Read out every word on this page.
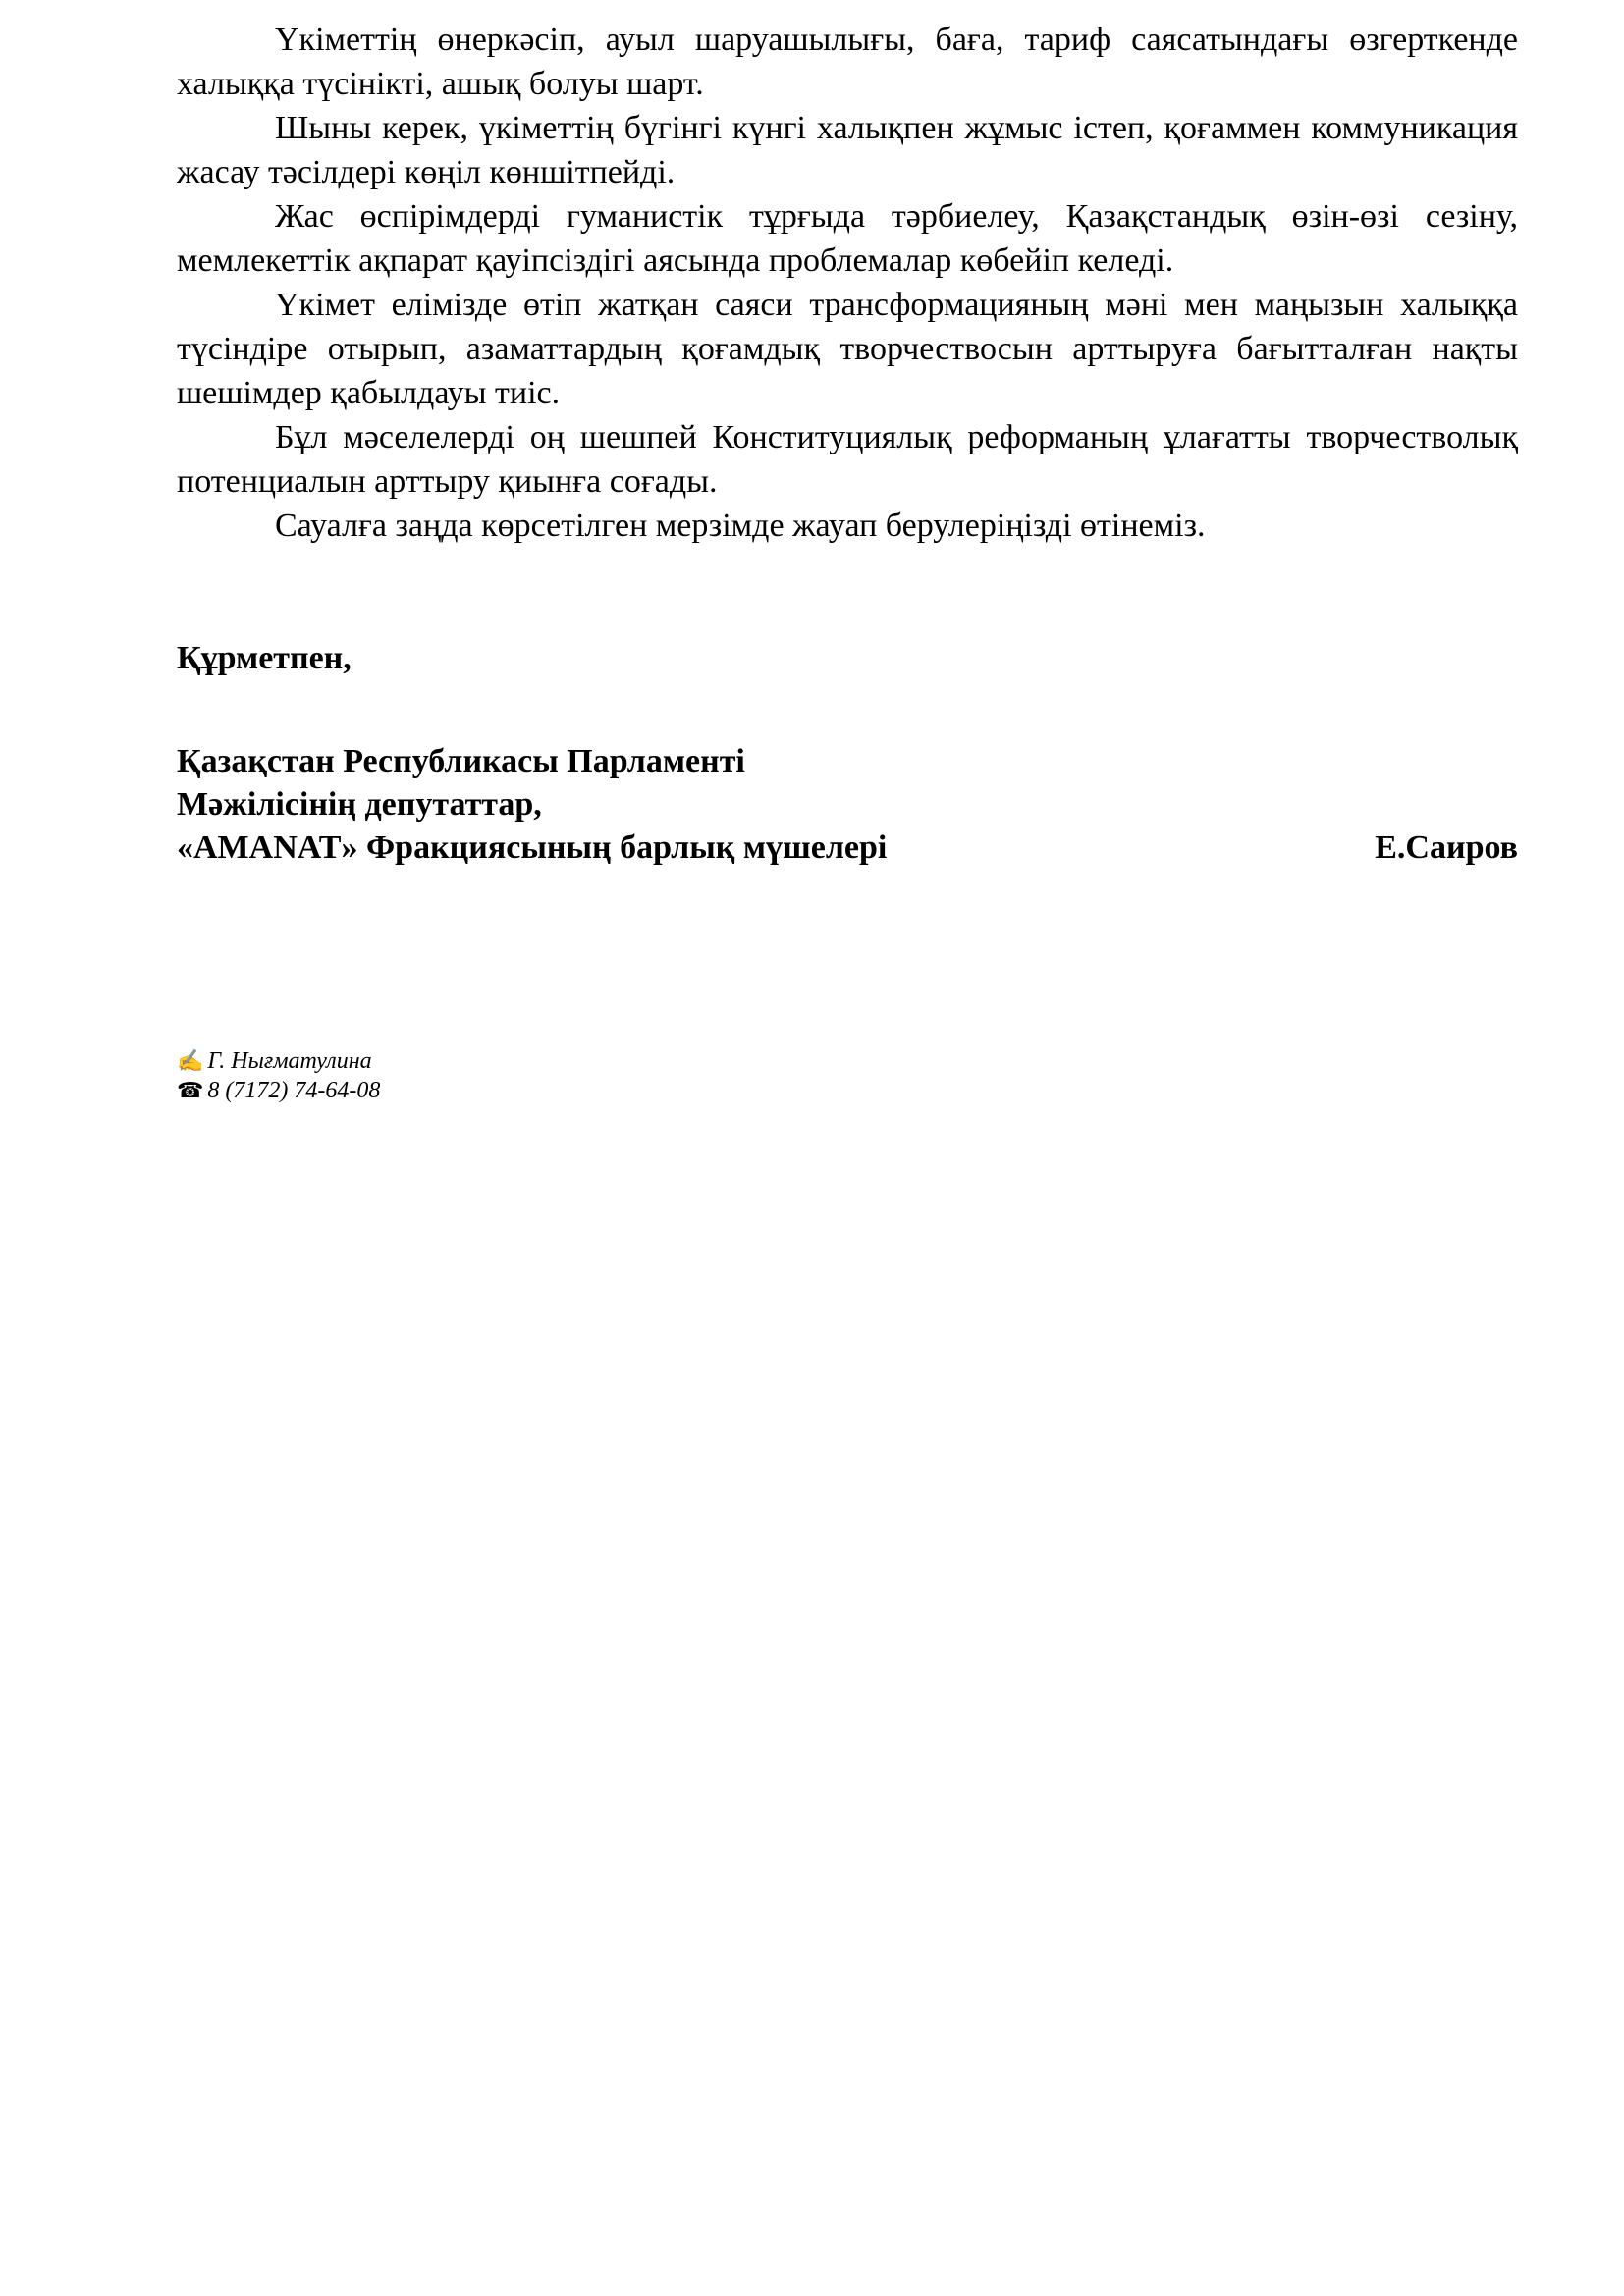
Үкіметтің өнеркәсіп, ауыл шаруашылығы, баға, тариф саясатындағы өзгерткенде халыққа түсінікті, ашық болуы шарт.

Шыны керек, үкіметтің бүгінгі күнгі халықпен жұмыс істеп, қоғаммен коммуникация жасау тәсілдері көңіл көншітпейді.

Жас өспірімдерді гуманистік тұрғыда тәрбиелеу, Қазақстандық өзін-өзі сезіну, мемлекеттік ақпарат қауіпсіздігі аясында проблемалар көбейіп келеді.

Үкімет елімізде өтіп жатқан саяси трансформацияның мәні мен маңызын халыққа түсіндіре отырып, азаматтардың қоғамдық творчествосын арттыруға бағытталған нақты шешімдер қабылдауы тиіс.

Бұл мәселелерді оң шешпей Конституциялық реформаның ұлағатты творчестволық потенциалын арттыру қиынға соғады.

Сауалға заңда көрсетілген мерзімде жауап берулеріңізді өтінеміз.

Құрметпен,

Қазақстан Республикасы Парламенті
Мәжілісінің депутаттар,
«AMANAT» Фракциясының барлық мүшелері	Е.Саиров
✍ Г. Нығматулина
☎ 8 (7172) 74-64-08
